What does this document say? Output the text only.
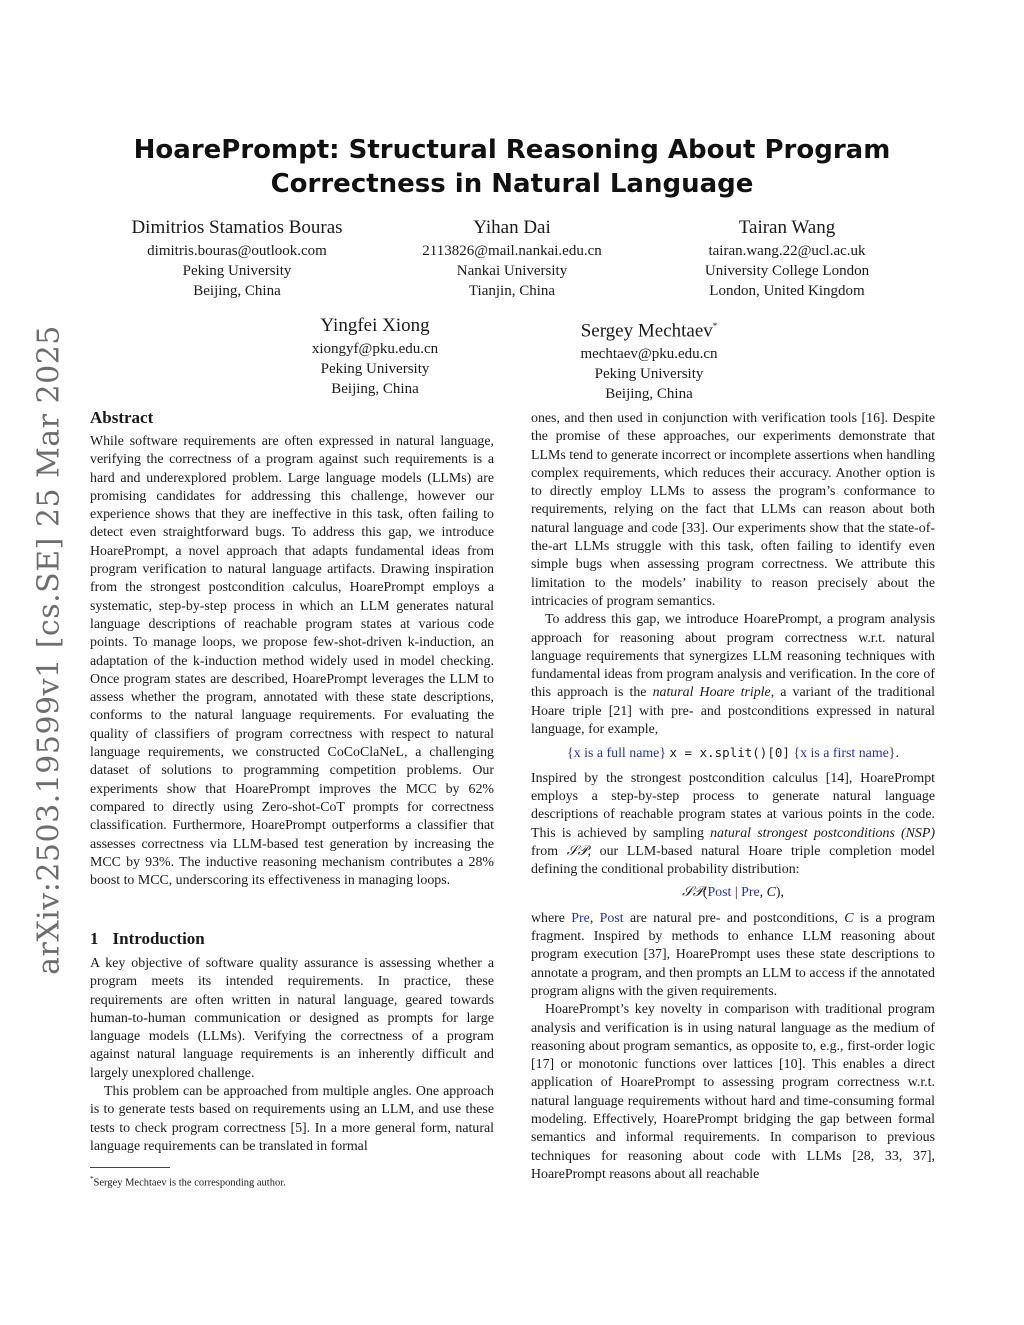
arXiv:2503.19599v1 [cs.SE] 25 Mar 2025
HoarePrompt: Structural Reasoning About Program Correctness in Natural Language
Dimitrios Stamatios Bouras
dimitris.bouras@outlook.com
Peking University
Beijing, China
Yihan Dai
2113826@mail.nankai.edu.cn
Nankai University
Tianjin, China
Tairan Wang
tairan.wang.22@ucl.ac.uk
University College London
London, United Kingdom
Yingfei Xiong
xiongyf@pku.edu.cn
Peking University
Beijing, China
Sergey Mechtaev*
mechtaev@pku.edu.cn
Peking University
Beijing, China
Abstract

While software requirements are often expressed in natural language, verifying the correctness of a program against such requirements is a hard and underexplored problem. Large language models (LLMs) are promising candidates for addressing this challenge, however our experience shows that they are ineffective in this task, often failing to detect even straightforward bugs. To address this gap, we introduce HoarePrompt, a novel approach that adapts fundamental ideas from program verification to natural language artifacts. Drawing inspiration from the strongest postcondition calculus, HoarePrompt employs a systematic, step-by-step process in which an LLM generates natural language descriptions of reachable program states at various code points. To manage loops, we propose few-shot-driven k-induction, an adaptation of the k-induction method widely used in model checking. Once program states are described, HoarePrompt leverages the LLM to assess whether the program, annotated with these state descriptions, conforms to the natural language requirements. For evaluating the quality of classifiers of program correctness with respect to natural language requirements, we constructed CoCoClaNeL, a challenging dataset of solutions to programming competition problems. Our experiments show that HoarePrompt improves the MCC by 62% compared to directly using Zero-shot-CoT prompts for correctness classification. Furthermore, HoarePrompt outperforms a classifier that assesses correctness via LLM-based test generation by increasing the MCC by 93%. The inductive reasoning mechanism contributes a 28% boost to MCC, underscoring its effectiveness in managing loops.

1 Introduction

A key objective of software quality assurance is assessing whether a program meets its intended requirements. In practice, these requirements are often written in natural language, geared towards human-to-human communication or designed as prompts for large language models (LLMs). Verifying the correctness of a program against natural language requirements is an inherently difficult and largely unexplored challenge.

This problem can be approached from multiple angles. One approach is to generate tests based on requirements using an LLM, and use these tests to check program correctness [5]. In a more general form, natural language requirements can be translated in formal

*Sergey Mechtaev is the corresponding author.

ones, and then used in conjunction with verification tools [16]. Despite the promise of these approaches, our experiments demonstrate that LLMs tend to generate incorrect or incomplete assertions when handling complex requirements, which reduces their accuracy. Another option is to directly employ LLMs to assess the program’s conformance to requirements, relying on the fact that LLMs can reason about both natural language and code [33]. Our experiments show that the state-of-the-art LLMs struggle with this task, often failing to identify even simple bugs when assessing program correctness. We attribute this limitation to the models’ inability to reason precisely about the intricacies of program semantics.

To address this gap, we introduce HoarePrompt, a program analysis approach for reasoning about program correctness w.r.t. natural language requirements that synergizes LLM reasoning techniques with fundamental ideas from program analysis and verification. In the core of this approach is the natural Hoare triple, a variant of the traditional Hoare triple [21] with pre- and postconditions expressed in natural language, for example,

{x is a full name} x = x.split()[0] {x is a first name}.

Inspired by the strongest postcondition calculus [14], HoarePrompt employs a step-by-step process to generate natural language descriptions of reachable program states at various points in the code. This is achieved by sampling natural strongest postconditions (NSP) from 𝒮𝒫, our LLM-based natural Hoare triple completion model defining the conditional probability distribution:

𝒮𝒫(Post | Pre, C),

where Pre, Post are natural pre- and postconditions, C is a program fragment. Inspired by methods to enhance LLM reasoning about program execution [37], HoarePrompt uses these state descriptions to annotate a program, and then prompts an LLM to access if the annotated program aligns with the given requirements.

HoarePrompt’s key novelty in comparison with traditional program analysis and verification is in using natural language as the medium of reasoning about program semantics, as opposite to, e.g., first-order logic [17] or monotonic functions over lattices [10]. This enables a direct application of HoarePrompt to assessing program correctness w.r.t. natural language requirements without hard and time-consuming formal modeling. Effectively, HoarePrompt bridging the gap between formal semantics and informal requirements. In comparison to previous techniques for reasoning about code with LLMs [28, 33, 37], HoarePrompt reasons about all reachable
